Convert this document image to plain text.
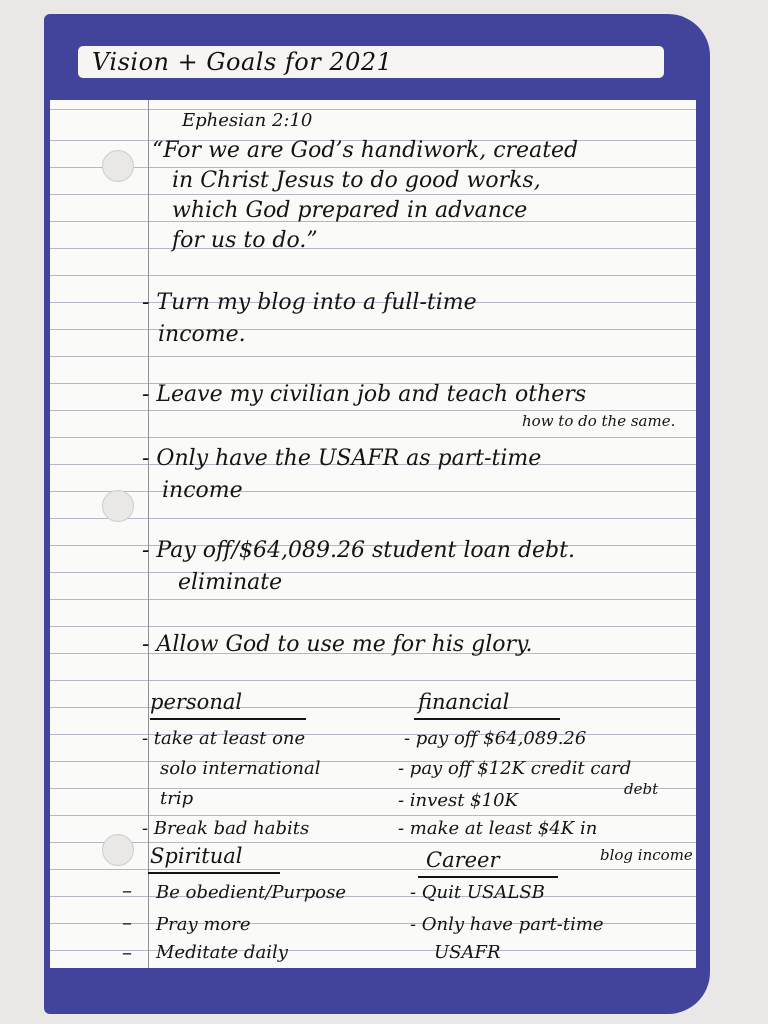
Vision + Goals for 2021
Ephesian 2:10
“For we are God’s handiwork, created
in Christ Jesus to do good works,
which God prepared in advance
for us to do.”
- Turn my blog into a full-time
income.
- Leave my civilian job and teach others
how to do the same.
- Only have the USAFR as part-time
income
- Pay off/$64,089.26 student loan debt.
eliminate
- Allow God to use me for his glory.
personal
- take at least one
solo international
trip
- Break bad habits
financial
- pay off $64,089.26
- pay off $12K credit card
debt
- invest $10K
- make at least $4K in
blog income
Spiritual
– Be obedient/Purpose
– Pray more
– Meditate daily
Career
- Quit USALSB
- Only have part-time
USAFR
